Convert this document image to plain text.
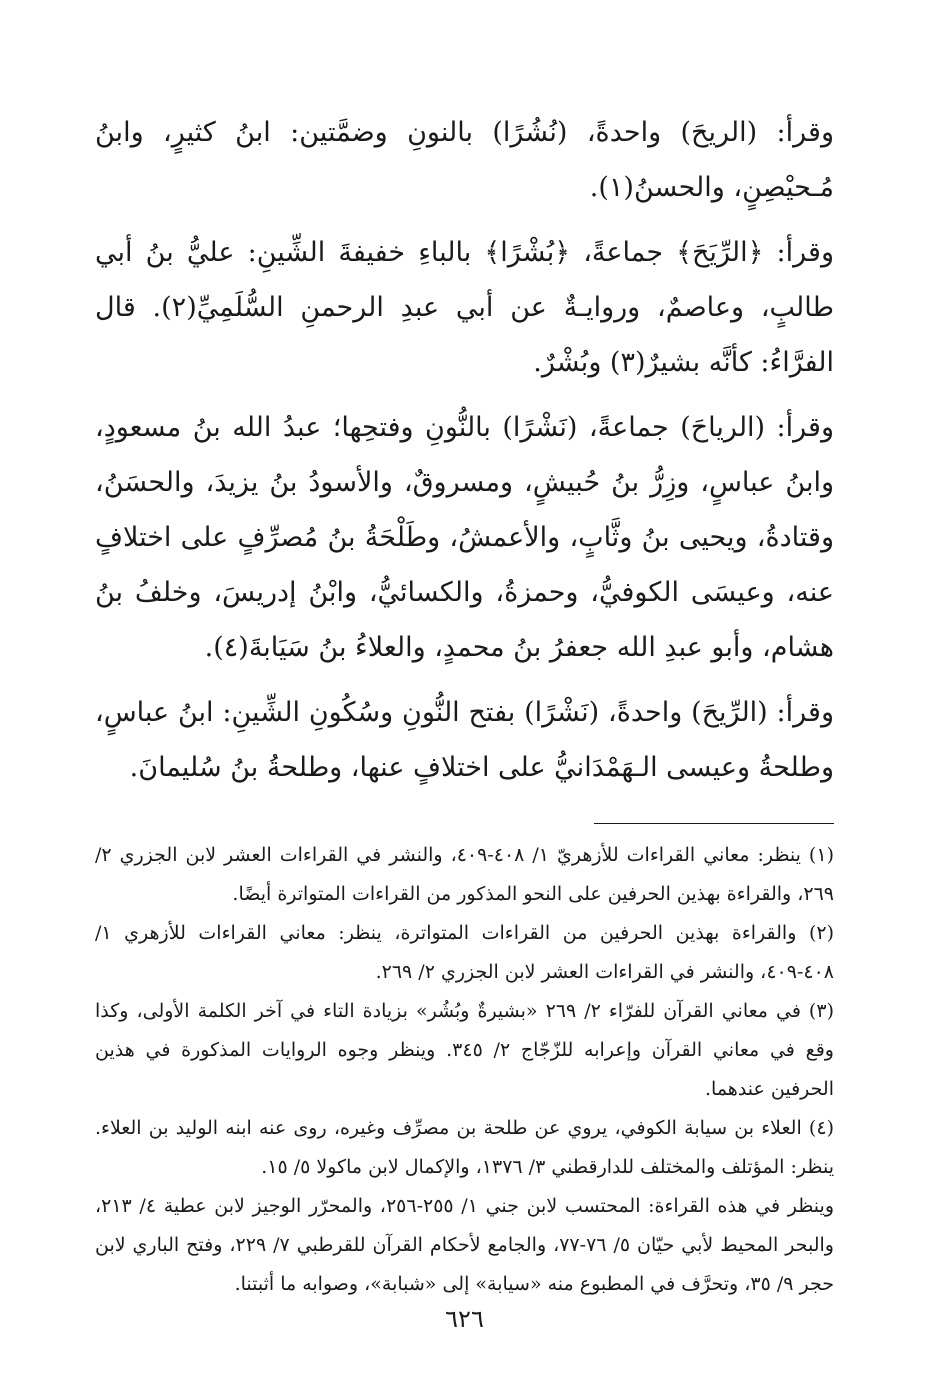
وقرأ: (الريحَ) واحدةً، (نُشُرًا) بالنونِ وضمَّتين: ابنُ كثيرٍ، وابنُ مُـحيْصِنٍ، والحسنُ(١).

وقرأ: ﴿الرِّيَحَ﴾ جماعةً، ﴿بُشْرًا﴾ بالباءِ خفيفةَ الشِّينِ: عليُّ بنُ أبي طالبٍ، وعاصمٌ، وروايـةٌ عن أبي عبدِ الرحمنِ السُّلَمِيِّ(٢). قال الفرَّاءُ: كأنَّه بشيرٌ(٣) وبُشْرٌ.

وقرأ: (الرياحَ) جماعةً، (نَشْرًا) بالنُّونِ وفتحِها؛ عبدُ الله بنُ مسعودٍ، وابنُ عباسٍ، وزِرُّ بنُ حُبيشٍ، ومسروقٌ، والأسودُ بنُ يزيدَ، والحسَنُ، وقتادةُ، ويحيى بنُ وثَّابٍ، والأعمشُ، وطَلْحَةُ بنُ مُصرِّفٍ على اختلافٍ عنه، وعيسَى الكوفيُّ، وحمزةُ، والكسائيُّ، وابْنُ إدريسَ، وخلفُ بنُ هشام، وأبو عبدِ الله جعفرُ بنُ محمدٍ، والعلاءُ بنُ سَيَابةَ(٤).

وقرأ: (الرِّيحَ) واحدةً، (نَشْرًا) بفتح النُّونِ وسُكُونِ الشِّينِ: ابنُ عباسٍ، وطلحةُ وعيسى الـهَمْدَانيُّ على اختلافٍ عنها، وطلحةُ بنُ سُليمانَ.

(١) ينظر: معاني القراءات للأزهريّ ١/ ٤٠٨-٤٠٩، والنشر في القراءات العشر لابن الجزري ٢/ ٢٦٩، والقراءة بهذين الحرفين على النحو المذكور من القراءات المتواترة أيضًا.

(٢) والقراءة بهذين الحرفين من القراءات المتواترة، ينظر: معاني القراءات للأزهري ١/ ٤٠٨-٤٠٩، والنشر في القراءات العشر لابن الجزري ٢/ ٢٦٩.

(٣) في معاني القرآن للفرّاء ٢/ ٢٦٩ «بشيرةٌ وبُشُر» بزيادة التاء في آخر الكلمة الأولى، وكذا وقع في معاني القرآن وإعرابه للزّجّاج ٢/ ٣٤٥. وينظر وجوه الروايات المذكورة في هذين الحرفين عندهما.

(٤) العلاء بن سيابة الكوفي، يروي عن طلحة بن مصرِّف وغيره، روى عنه ابنه الوليد بن العلاء. ينظر: المؤتلف والمختلف للدارقطني ٣/ ١٣٧٦، والإكمال لابن ماكولا ٥/ ١٥.

وينظر في هذه القراءة: المحتسب لابن جني ١/ ٢٥٥-٢٥٦، والمحرّر الوجيز لابن عطية ٤/ ٢١٣، والبحر المحيط لأبي حيّان ٥/ ٧٦-٧٧، والجامع لأحكام القرآن للقرطبي ٧/ ٢٢٩، وفتح الباري لابن حجر ٩/ ٣٥، وتحرَّف في المطبوع منه «سيابة» إلى «شبابة»، وصوابه ما أثبتنا.

٦٢٦
